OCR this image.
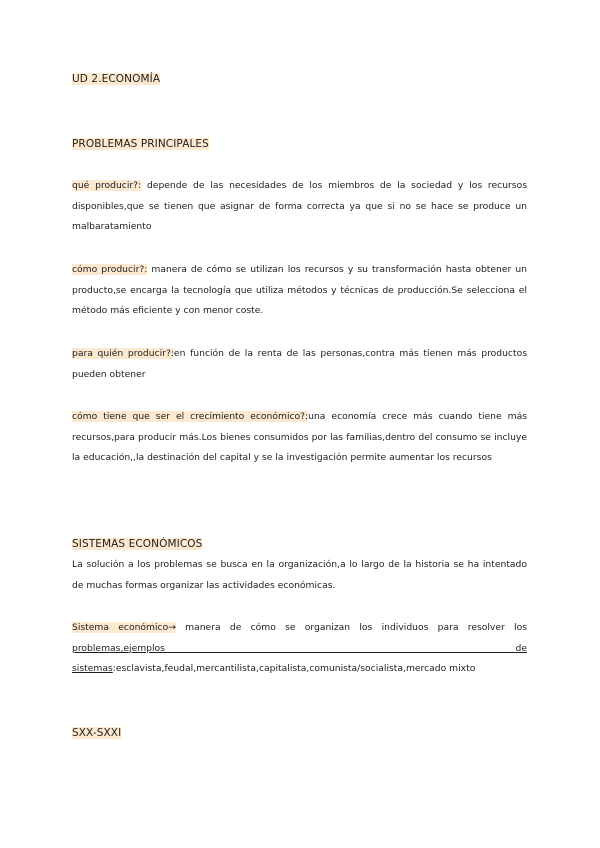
UD 2.ECONOMÍA
PROBLEMAS PRINCIPALES

qué producir?: depende de las necesidades de los miembros de la sociedad y los recursos disponibles,que se tienen que asignar de forma correcta ya que si no se hace se produce un malbaratamiento

cómo producir?: manera de cómo se utilizan los recursos y su transformación hasta obtener un producto,se encarga la tecnología que utiliza métodos y técnicas de producción.Se selecciona el método más eficiente y con menor coste.

para quién producir?:en función de la renta de las personas,contra más tienen más productos pueden obtener

cómo tiene que ser el crecimiento económico?:una economía crece más cuando tiene más recursos,para producir más.Los bienes consumidos por las familias,dentro del consumo se incluye la educación,,la destinación del capital y se la investigación permite aumentar los recursos

SISTEMAS ECONÓMICOS

La solución a los problemas se busca en la organización,a lo largo de la historia se ha intentado de muchas formas organizar las actividades económicas.

Sistema económico→ manera de cómo se organizan los individuos para resolver los
problemas,ejemplos	de
sistemas:esclavista,feudal,mercantilista,capitalista,comunista/socialista,mercado mixto
SXX-SXXI
